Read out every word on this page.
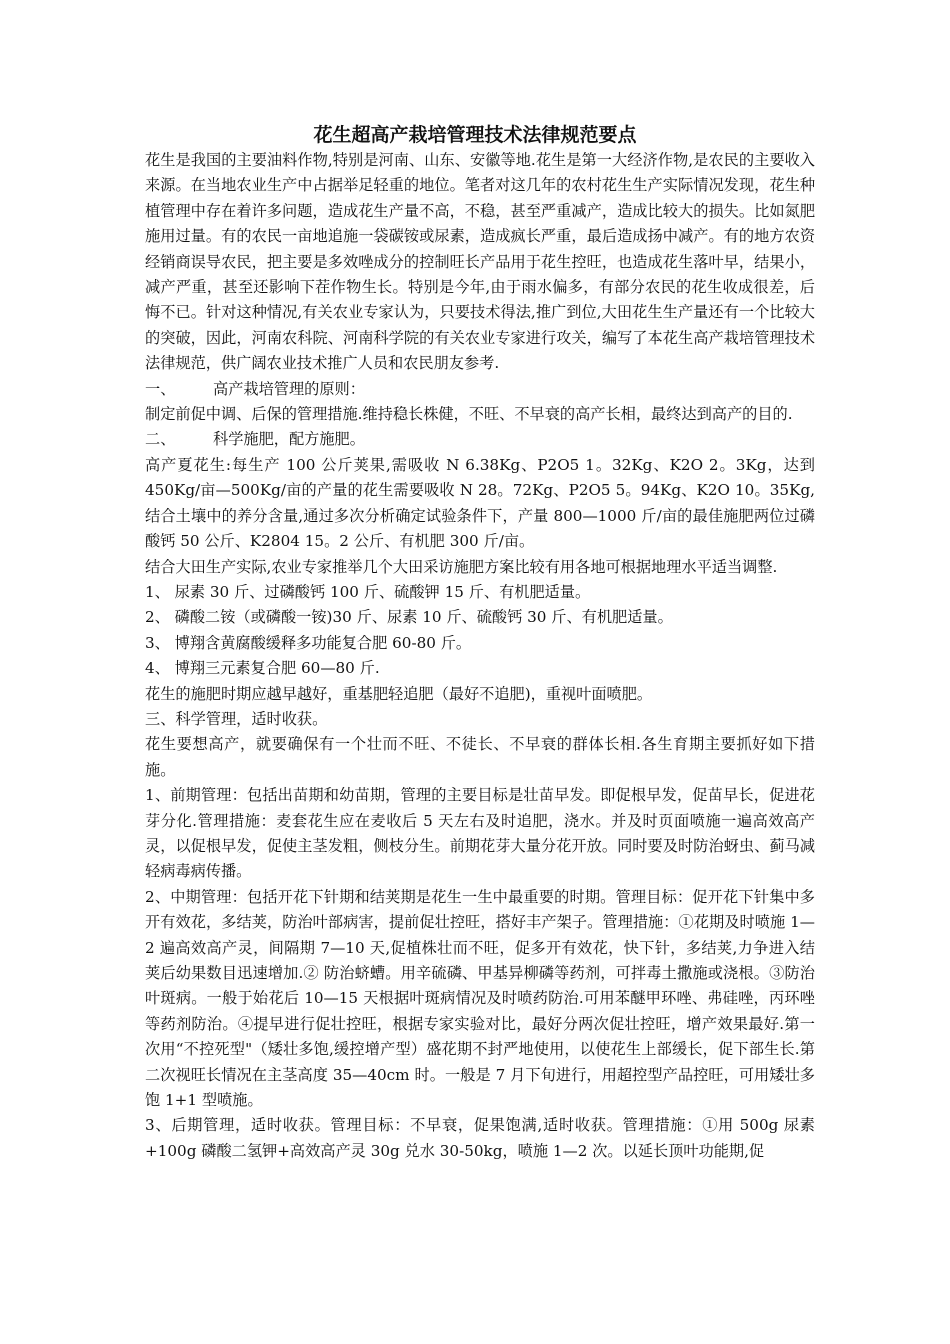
花生超高产栽培管理技术法律规范要点

花生是我国的主要油料作物,特别是河南、山东、安徽等地.花生是第一大经济作物,是农民的主要收入来源。在当地农业生产中占据举足轻重的地位。笔者对这几年的农村花生生产实际情况发现，花生种植管理中存在着许多问题，造成花生产量不高，不稳，甚至严重减产，造成比较大的损失。比如氮肥施用过量。有的农民一亩地追施一袋碳铵或尿素，造成疯长严重，最后造成扬中减产。有的地方农资经销商误导农民，把主要是多效唑成分的控制旺长产品用于花生控旺，也造成花生落叶早，结果小，减产严重，甚至还影响下茬作物生长。特别是今年,由于雨水偏多，有部分农民的花生收成很差，后悔不已。针对这种情况,有关农业专家认为，只要技术得法,推广到位,大田花生生产量还有一个比较大的突破，因此，河南农科院、河南科学院的有关农业专家进行攻关，编写了本花生高产栽培管理技术法律规范，供广阔农业技术推广人员和农民朋友参考.

一、 高产栽培管理的原则：

制定前促中调、后保的管理措施.维持稳长株健，不旺、不早衰的高产长相，最终达到高产的目的.

二、 科学施肥，配方施肥。

高产夏花生:每生产 100 公斤荚果,需吸收 N 6.38Kg、P2O5 1。32Kg、K2O 2。3Kg，达到 450Kg/亩—500Kg/亩的产量的花生需要吸收 N 28。72Kg、P2O5 5。94Kg、K2O 10。35Kg,结合土壤中的养分含量,通过多次分析确定试验条件下，产量 800—1000 斤/亩的最佳施肥两位过磷酸钙 50 公斤、K2804 15。2 公斤、有机肥 300 斤/亩。

结合大田生产实际,农业专家推举几个大田采访施肥方案比较有用各地可根据地理水平适当调整.

1、 尿素 30 斤、过磷酸钙 100 斤、硫酸钾 15 斤、有机肥适量。

2、 磷酸二铵（或磷酸一铵)30 斤、尿素 10 斤、硫酸钙 30 斤、有机肥适量。

3、 博翔含黄腐酸缓释多功能复合肥 60-80 斤。

4、 博翔三元素复合肥 60—80 斤.

花生的施肥时期应越早越好，重基肥轻追肥（最好不追肥)，重视叶面喷肥。

三、科学管理，适时收获。

花生要想高产，就要确保有一个壮而不旺、不徒长、不早衰的群体长相.各生育期主要抓好如下措施。

1、前期管理：包括出苗期和幼苗期，管理的主要目标是壮苗早发。即促根早发，促苗早长，促进花芽分化.管理措施：麦套花生应在麦收后 5 天左右及时追肥，浇水。并及时页面喷施一遍高效高产灵，以促根早发，促使主茎发粗，侧枝分生。前期花芽大量分花开放。同时要及时防治蚜虫、蓟马减轻病毒病传播。

2、中期管理：包括开花下针期和结荚期是花生一生中最重要的时期。管理目标：促开花下针集中多开有效花，多结荚，防治叶部病害，提前促壮控旺，搭好丰产架子。管理措施：①花期及时喷施 1—2 遍高效高产灵，间隔期 7—10 天,促植株壮而不旺，促多开有效花，快下针，多结荚,力争进入结荚后幼果数目迅速增加.② 防治蛴螬。用辛硫磷、甲基异柳磷等药剂，可拌毒土撒施或浇根。③防治叶斑病。一般于始花后 10—15 天根据叶斑病情况及时喷药防治.可用苯醚甲环唑、弗硅唑，丙环唑等药剂防治。④提早进行促壮控旺，根据专家实验对比，最好分两次促壮控旺，增产效果最好.第一次用“不控死型"（矮壮多饱,缓控增产型）盛花期不封严地使用，以使花生上部缓长，促下部生长.第二次视旺长情况在主茎高度 35—40cm 时。一般是 7 月下旬进行，用超控型产品控旺，可用矮壮多饱 1+1 型喷施。

3、后期管理，适时收获。管理目标：不早衰，促果饱满,适时收获。管理措施：①用 500g 尿素+100g 磷酸二氢钾+高效高产灵 30g 兑水 30-50kg，喷施 1—2 次。以延长顶叶功能期,促
